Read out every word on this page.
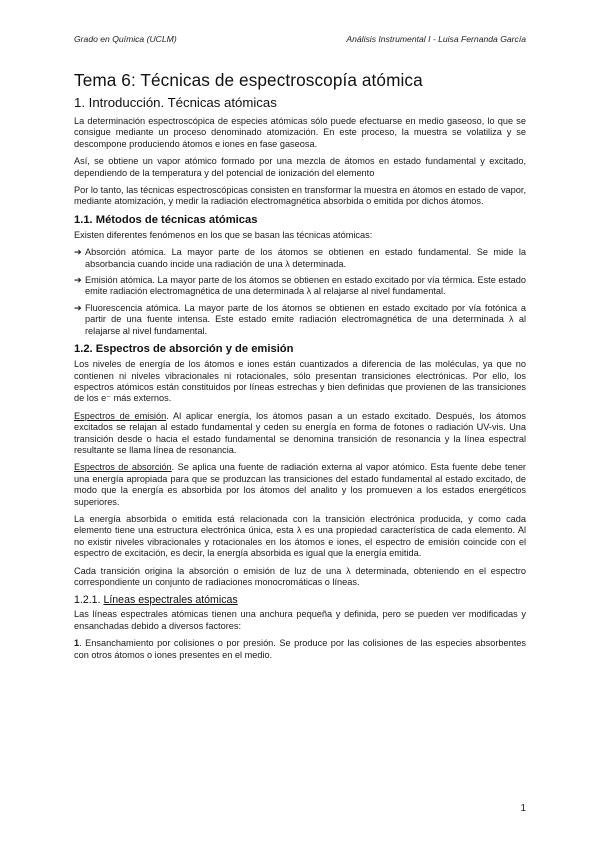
Grado en Química (UCLM)	Análisis Instrumental I - Luisa Fernanda García
Tema 6: Técnicas de espectroscopía atómica
1. Introducción. Técnicas atómicas

La determinación espectroscópica de especies atómicas sólo puede efectuarse en medio gaseoso, lo que se consigue mediante un proceso denominado atomización. En este proceso, la muestra se volatiliza y se descompone produciendo átomos e iones en fase gaseosa.

Así, se obtiene un vapor atómico formado por una mezcla de átomos en estado fundamental y excitado, dependiendo de la temperatura y del potencial de ionización del elemento

Por lo tanto, las técnicas espectroscópicas consisten en transformar la muestra en átomos en estado de vapor, mediante atomización, y medir la radiación electromagnética absorbida o emitida por dichos átomos.

1.1. Métodos de técnicas atómicas

Existen diferentes fenómenos en los que se basan las técnicas atómicas:

➔ Absorción atómica. La mayor parte de los átomos se obtienen en estado fundamental. Se mide la absorbancia cuando incide una radiación de una λ determinada.
➔ Emisión atómica. La mayor parte de los átomos se obtienen en estado excitado por vía térmica. Este estado emite radiación electromagnética de una determinada λ al relajarse al nivel fundamental.
➔ Fluorescencia atómica. La mayor parte de los átomos se obtienen en estado excitado por vía fotónica a partir de una fuente intensa. Este estado emite radiación electromagnética de una determinada λ al relajarse al nivel fundamental.
1.2. Espectros de absorción y de emisión

Los niveles de energía de los átomos e iones están cuantizados a diferencia de las moléculas, ya que no contienen ni niveles vibracionales ni rotacionales, sólo presentan transiciones electrónicas. Por ello, los espectros atómicos están constituidos por líneas estrechas y bien definidas que provienen de las transiciones de los e⁻ más externos.

Espectros de emisión. Al aplicar energía, los átomos pasan a un estado excitado. Después, los átomos excitados se relajan al estado fundamental y ceden su energía en forma de fotones o radiación UV-vis. Una transición desde o hacia el estado fundamental se denomina transición de resonancia y la línea espectral resultante se llama línea de resonancia.

Espectros de absorción. Se aplica una fuente de radiación externa al vapor atómico. Esta fuente debe tener una energía apropiada para que se produzcan las transiciones del estado fundamental al estado excitado, de modo que la energía es absorbida por los átomos del analito y los promueven a los estados energéticos superiores.

La energía absorbida o emitida está relacionada con la transición electrónica producida, y como cada elemento tiene una estructura electrónica única, esta λ es una propiedad característica de cada elemento. Al no existir niveles vibracionales y rotacionales en los átomos e iones, el espectro de emisión coincide con el espectro de excitación, es decir, la energía absorbida es igual que la energía emitida.

Cada transición origina la absorción o emisión de luz de una λ determinada, obteniendo en el espectro correspondiente un conjunto de radiaciones monocromáticas o líneas.

1.2.1. Líneas espectrales atómicas

Las líneas espectrales atómicas tienen una anchura pequeña y definida, pero se pueden ver modificadas y ensanchadas debido a diversos factores:

1. Ensanchamiento por colisiones o por presión. Se produce por las colisiones de las especies absorbentes con otros átomos o iones presentes en el medio.

1
